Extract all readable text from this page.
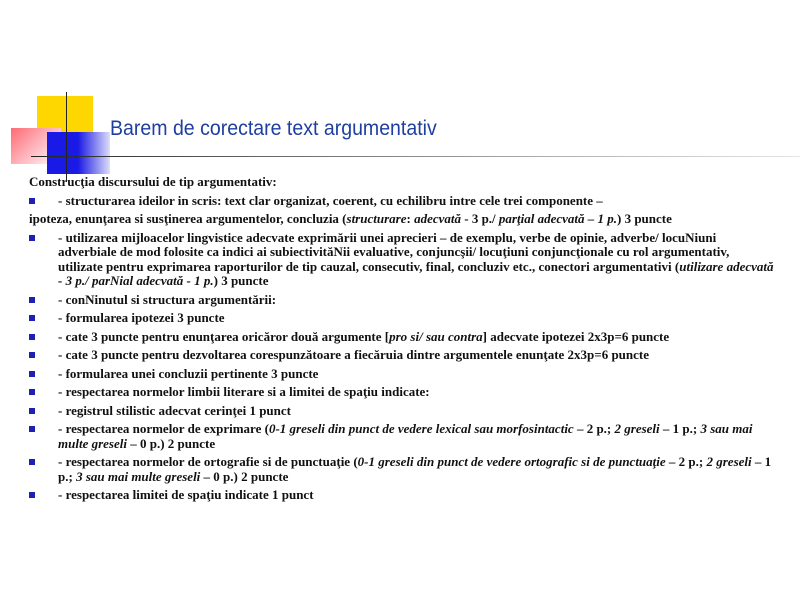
Barem de corectare text argumentativ

Construcţia discursului de tip argumentativ:

- structurarea ideilor in scris: text clar organizat, coerent, cu echilibru intre cele trei componente –

ipoteza, enunţarea si susţinerea argumentelor, concluzia (structurare: adecvată - 3 p./ parţial adecvată – 1 p.) 3 puncte

- utilizarea mijloacelor lingvistice adecvate exprimării unei aprecieri – de exemplu, verbe de opinie, adverbe/ locuNiuni adverbiale de mod folosite ca indici ai subiectivităNii evaluative, conjuncşii/ locuţiuni conjuncţionale cu rol argumentativ, utilizate pentru exprimarea raporturilor de tip cauzal, consecutiv, final, concluziv etc., conectori argumentativi (utilizare adecvată - 3 p./ parNial adecvată - 1 p.) 3 puncte
- conNinutul si structura argumentării:
- formularea ipotezei 3 puncte
- cate 3 puncte pentru enunţarea oricăror două argumente [pro si/ sau contra] adecvate ipotezei 2x3p=6 puncte
- cate 3 puncte pentru dezvoltarea corespunzătoare a fiecăruia dintre argumentele enunţate 2x3p=6 puncte
- formularea unei concluzii pertinente 3 puncte
- respectarea normelor limbii literare si a limitei de spaţiu indicate:
- registrul stilistic adecvat cerinţei 1 punct
- respectarea normelor de exprimare (0-1 greseli din punct de vedere lexical sau morfosintactic – 2 p.; 2 greseli – 1 p.; 3 sau mai multe greseli – 0 p.) 2 puncte
- respectarea normelor de ortografie si de punctuaţie (0-1 greseli din punct de vedere ortografic si de punctuaţie – 2 p.; 2 greseli – 1 p.; 3 sau mai multe greseli – 0 p.) 2 puncte
- respectarea limitei de spaţiu indicate 1 punct
